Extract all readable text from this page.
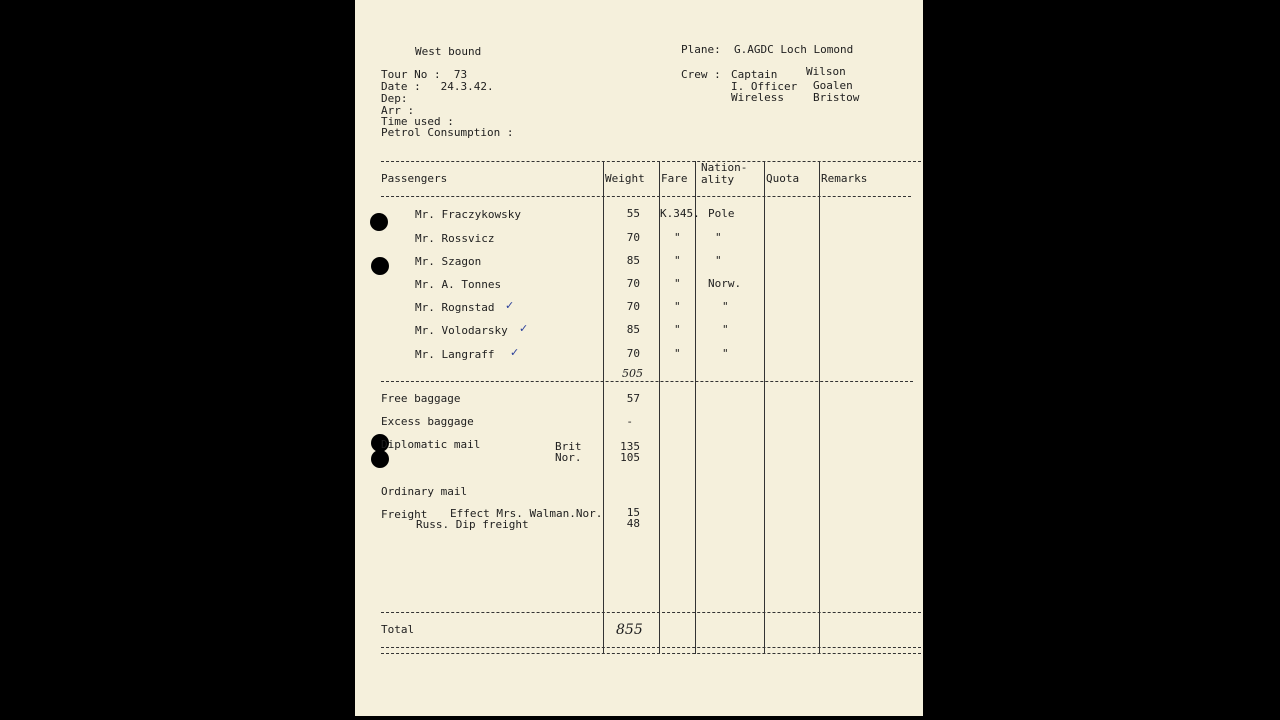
West bound
Tour No :  73
Date :   24.3.42.
Dep:
Arr :
Time used :
Petrol Consumption :
Plane:  G.AGDC Loch Lomond
Crew : Captain	Wilson
I. Officer Goalen
Wireless	Bristow
Passengers	Weight Fare
Nation-
ality	Quota Remarks
Mr. Fraczykowsky	55 K.345. Pole
Mr. Rossvicz	70	"	"
Mr. Szagon	85	"	"
Mr. A. Tonnes	70	" Norw.
Mr. Rognstad ✓	70	"	"
Mr. Volodarsky ✓	85	"	"
Mr. Langraff ✓	70	"	"
505
Free baggage	57
Excess baggage	-
Diplomatic mail	Brit	135
Nor.	105
Ordinary mail
Freight Effect Mrs. Walman.Nor.	15
Russ. Dip freight	48
Total	855
